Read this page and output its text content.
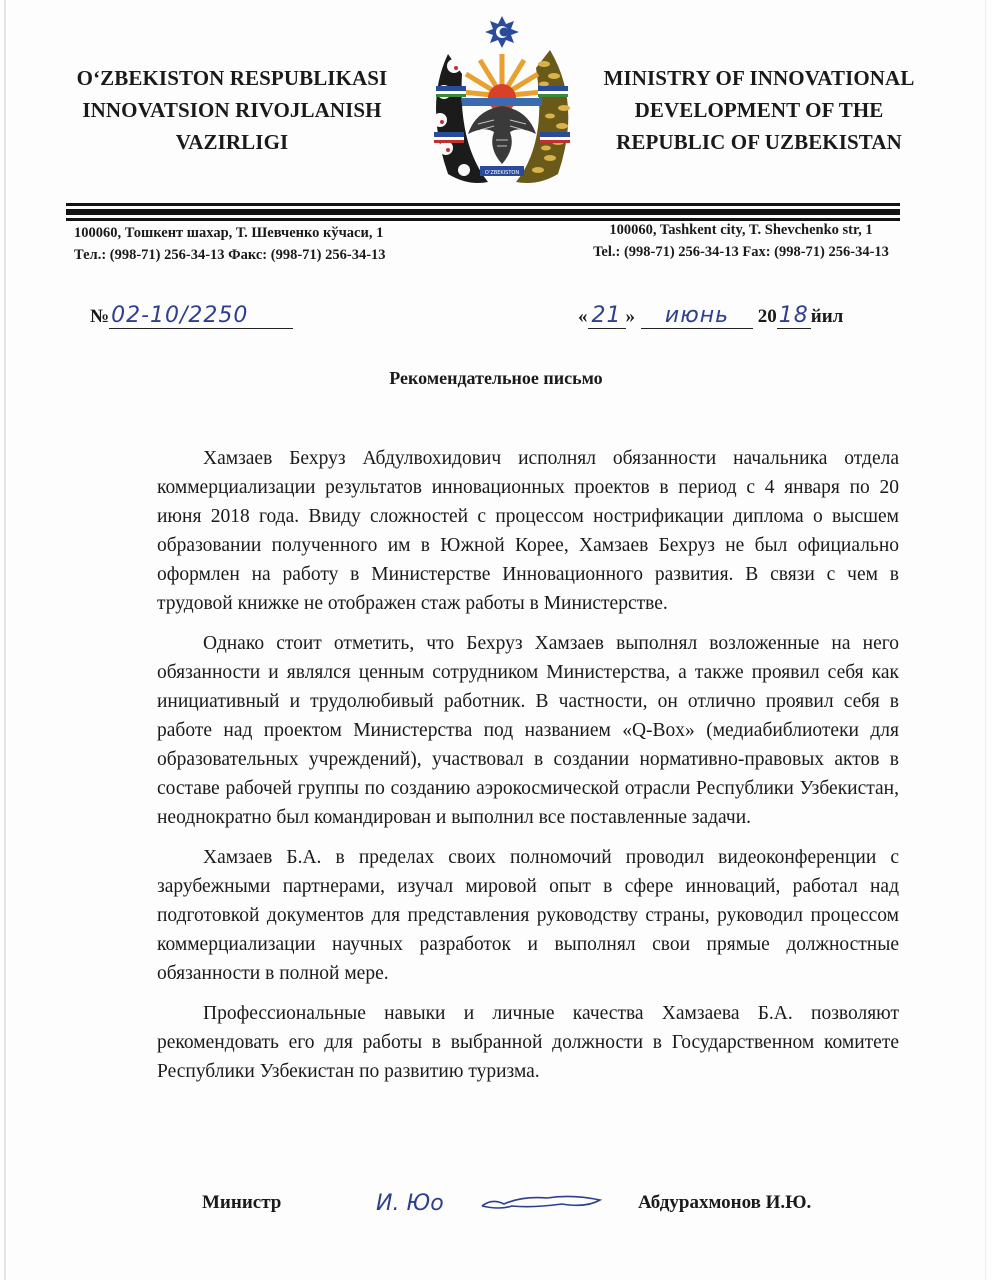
O‘ZBEKISTON RESPUBLIKASI
INNOVATSION RIVOJLANISH
VAZIRLIGI
O‘ZBEKISTON
MINISTRY OF INNOVATIONAL
DEVELOPMENT OF THE
REPUBLIC OF UZBEKISTAN
100060, Тошкент шахар, Т. Шевченко кўчаси, 1
Тел.: (998-71) 256-34-13 Факс: (998-71) 256-34-13
100060, Tashkent city, T. Shevchenko str, 1
Tel.: (998-71) 256-34-13 Fax: (998-71) 256-34-13
№02-10/2250	« 21 » июнь 2018 йил
Рекомендательное письмо

Хамзаев Бехруз Абдулвохидович исполнял обязанности начальника отдела коммерциализации результатов инновационных проектов в период с 4 января по 20 июня 2018 года. Ввиду сложностей с процессом нострификации диплома о высшем образовании полученного им в Южной Корее, Хамзаев Бехруз не был официально оформлен на работу в Министерстве Инновационного развития. В связи с чем в трудовой книжке не отображен стаж работы в Министерстве.

Однако стоит отметить, что Бехруз Хамзаев выполнял возложенные на него обязанности и являлся ценным сотрудником Министерства, а также проявил себя как инициативный и трудолюбивый работник. В частности, он отлично проявил себя в работе над проектом Министерства под названием «Q-Box» (медиабиблиотеки для образовательных учреждений), участвовал в создании нормативно-правовых актов в составе рабочей группы по созданию аэрокосмической отрасли Республики Узбекистан, неоднократно был командирован и выполнил все поставленные задачи.

Хамзаев Б.А. в пределах своих полномочий проводил видеоконференции с зарубежными партнерами, изучал мировой опыт в сфере инноваций, работал над подготовкой документов для представления руководству страны, руководил процессом коммерциализации научных разработок и выполнял свои прямые должностные обязанности в полной мере.

Профессиональные навыки и личные качества Хамзаева Б.А. позволяют рекомендовать его для работы в выбранной должности в Государственном комитете Республики Узбекистан по развитию туризма.

Министр	И. Юо	Абдурахмонов И.Ю.
